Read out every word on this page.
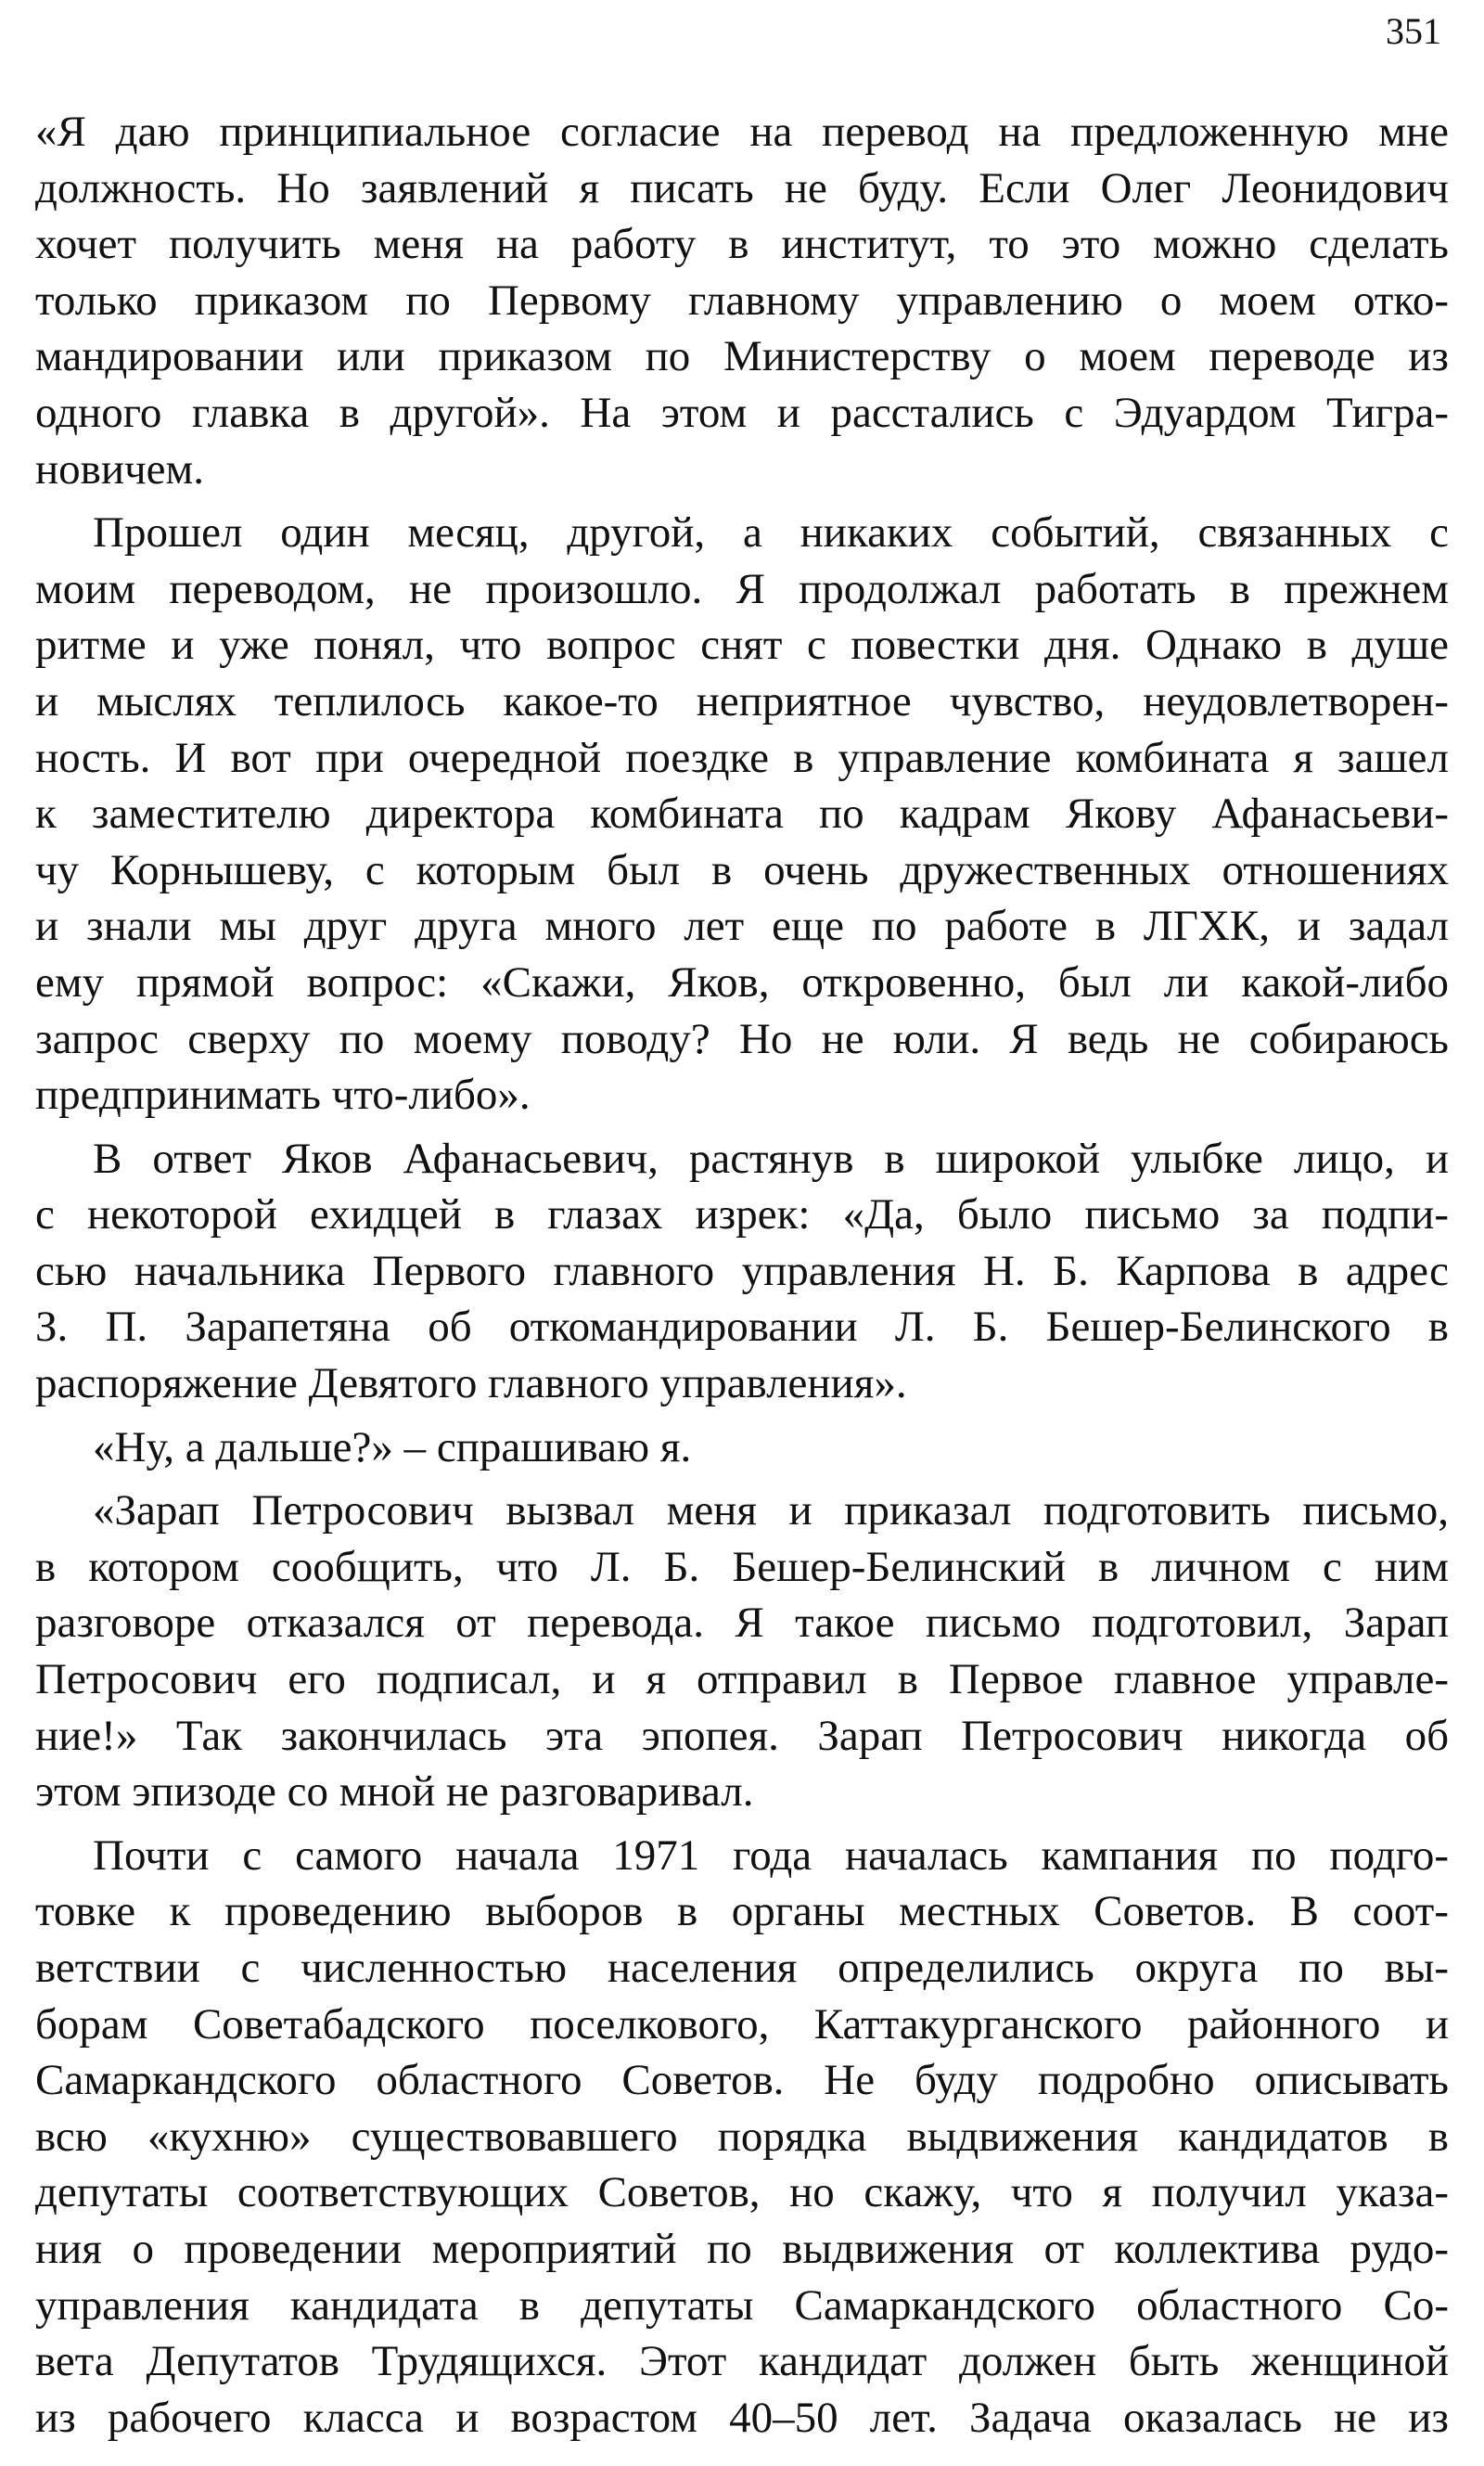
351
«Я даю принципиальное согласие на перевод на предложенную мне
должность. Но заявлений я писать не буду. Если Олег Леонидович
хочет получить меня на работу в институт, то это можно сделать
только приказом по Первому главному управлению о моем отко-
мандировании или приказом по Министерству о моем переводе из
одного главка в другой». На этом и расстались с Эдуардом Тигра-
новичем.
Прошел один месяц, другой, а никаких событий, связанных с
моим переводом, не произошло. Я продолжал работать в прежнем
ритме и уже понял, что вопрос снят с повестки дня. Однако в душе
и мыслях теплилось какое-то неприятное чувство, неудовлетворен-
ность. И вот при очередной поездке в управление комбината я зашел
к заместителю директора комбината по кадрам Якову Афанасьеви-
чу Корнышеву, с которым был в очень дружественных отношениях
и знали мы друг друга много лет еще по работе в ЛГХК, и задал
ему прямой вопрос: «Скажи, Яков, откровенно, был ли какой-либо
запрос сверху по моему поводу? Но не юли. Я ведь не собираюсь
предпринимать что-либо».
В ответ Яков Афанасьевич, растянув в широкой улыбке лицо, и
с некоторой ехидцей в глазах изрек: «Да, было письмо за подпи-
сью начальника Первого главного управления Н. Б. Карпова в адрес
З. П. Зарапетяна об откомандировании Л. Б. Бешер-Белинского в
распоряжение Девятого главного управления».
«Ну, а дальше?» – спрашиваю я.
«Зарап Петросович вызвал меня и приказал подготовить письмо,
в котором сообщить, что Л. Б. Бешер-Белинский в личном с ним
разговоре отказался от перевода. Я такое письмо подготовил, Зарап
Петросович его подписал, и я отправил в Первое главное управле-
ние!» Так закончилась эта эпопея. Зарап Петросович никогда об
этом эпизоде со мной не разговаривал.
Почти с самого начала 1971 года началась кампания по подго-
товке к проведению выборов в органы местных Советов. В соот-
ветствии с численностью населения определились округа по вы-
борам Советабадского поселкового, Каттакурганского районного и
Самаркандского областного Советов. Не буду подробно описывать
всю «кухню» существовавшего порядка выдвижения кандидатов в
депутаты соответствующих Советов, но скажу, что я получил указа-
ния о проведении мероприятий по выдвижения от коллектива рудо-
управления кандидата в депутаты Самаркандского областного Со-
вета Депутатов Трудящихся. Этот кандидат должен быть женщиной
из рабочего класса и возрастом 40–50 лет. Задача оказалась не из
